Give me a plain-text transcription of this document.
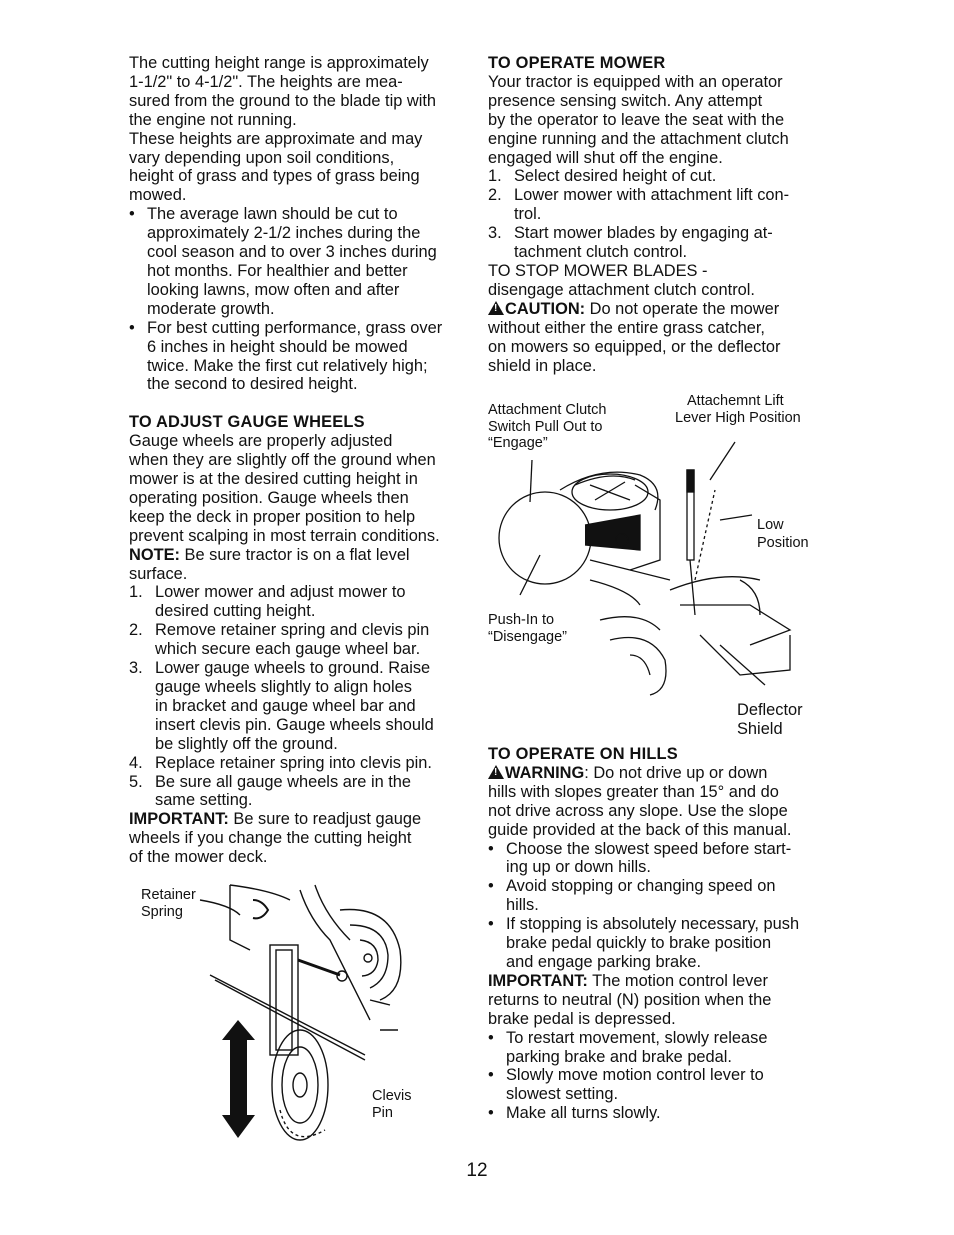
The cutting height range is approximately

1-1/2" to 4-1/2". The heights are mea-

sured from the ground to the blade tip with

the engine not running.

These heights are approximate and may

vary depending upon soil conditions,

height of grass and types of grass being

mowed.

• The average lawn should be cut to

approximately 2-1/2 inches during the

cool season and to over 3 inches during

hot months. For healthier and better

looking lawns, mow often and after

moderate growth.

• For best cutting performance, grass over

6 inches in height should be mowed

twice. Make the first cut relatively high;

the second to desired height.

TO ADJUST GAUGE WHEELS

Gauge wheels are properly adjusted

when they are slightly off the ground when

mower is at the desired cutting height in

operating position. Gauge wheels then

keep the deck in proper position to help

prevent scalping in most terrain conditions.

NOTE: Be sure tractor is on a flat level

surface.

1. Lower mower and adjust mower to

desired cutting height.

2. Remove retainer spring and clevis pin

which secure each gauge wheel bar.

3. Lower gauge wheels to ground. Raise

gauge wheels slightly to align holes

in bracket and gauge wheel bar and

insert clevis pin. Gauge wheels should

be slightly off the ground.

4. Replace retainer spring into clevis pin.

5. Be sure all gauge wheels are in the

same setting.

IMPORTANT: Be sure to readjust gauge

wheels if you change the cutting height

of the mower deck.

Retainer
Spring
Clevis
Pin

TO OPERATE MOWER

Your tractor is equipped with an operator

presence sensing switch. Any attempt

by the operator to leave the seat with the

engine running and the attachment clutch

engaged will shut off the engine.

1. Select desired height of cut.

2. Lower mower with attachment lift con-

trol.

3. Start mower blades by engaging at-

tachment clutch control.

TO STOP MOWER BLADES -

disengage attachment clutch control.

!CAUTION: Do not operate the mower

without either the entire grass catcher,

on mowers so equipped, or the deflector

shield in place.

Attachment Clutch
Switch Pull Out to
“Engage”
Attachemnt Lift
Lever High Position
Low
Position
Push-In to
“Disengage”
Deflector
Shield

TO OPERATE ON HILLS

!WARNING: Do not drive up or down

hills with slopes greater than 15° and do

not drive across any slope. Use the slope

guide provided at the back of this manual.

• Choose the slowest speed before start-

ing up or down hills.

• Avoid stopping or changing speed on

hills.

• If stopping is absolutely necessary, push

brake pedal quickly to brake position

and engage parking brake.

IMPORTANT: The motion control lever

returns to neutral (N) position when the

brake pedal is depressed.

• To restart movement, slowly release

parking brake and brake pedal.

• Slowly move motion control lever to

slowest setting.

• Make all turns slowly.

12
